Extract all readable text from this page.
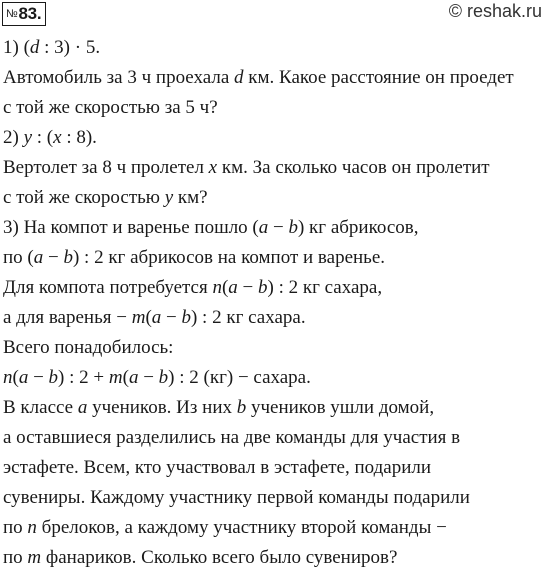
№83.	© reshak.ru
1) (d : 3) · 5.
Автомобиль за 3 ч проехала d км. Какое расстояние он проедет
с той же скоростью за 5 ч?
2) y : (x : 8).
Вертолет за 8 ч пролетел x км. За сколько часов он пролетит
с той же скоростью y км?
3) На компот и варенье пошло (a − b) кг абрикосов,
по (a − b) : 2 кг абрикосов на компот и варенье.
Для компота потребуется n(a − b) : 2 кг сахара,
а для варенья − m(a − b) : 2 кг сахара.
Всего понадобилось:
n(a − b) : 2 + m(a − b) : 2 (кг) − сахара.
В классе a учеников. Из них b учеников ушли домой,
а оставшиеся разделились на две команды для участия в
эстафете. Всем, кто участвовал в эстафете, подарили
сувениры. Каждому участнику первой команды подарили
по n брелоков, а каждому участнику второй команды −
по m фанариков. Сколько всего было сувениров?
